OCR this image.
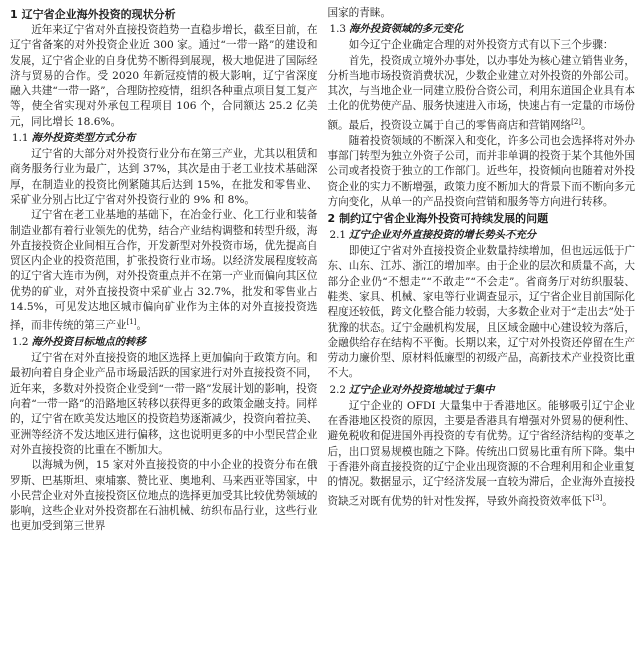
1 辽宁省企业海外投资的现状分析

近年来辽宁省对外直接投资趋势一直稳步增长，截至目前，在辽宁省备案的对外投资企业近 300 家。通过“一带一路”的建设和发展，辽宁省企业的自身优势不断得到展现，极大地促进了国际经济与贸易的合作。受 2020 年新冠疫情的极大影响，辽宁省深度融入共建“一带一路”，合理防控疫情，组织各种重点项目复工复产等，使全省实现对外承包工程项目 106 个，合同额达 25.2 亿美元，同比增长 18.6%。

1.1 海外投资类型方式分布

辽宁省的大部分对外投资行业分布在第三产业，尤其以租赁和商务服务行业为最广，达到 37%，其次是由于老工业技术基础深厚，在制造业的投资比例紧随其后达到 15%，在批发和零售业、采矿业分别占比辽宁省对外投资行业的 9% 和 8%。

辽宁省在老工业基地的基础下，在冶金行业、化工行业和装备制造业都有着行业领先的优势，结合产业结构调整和转型升级，海外直接投资企业间相互合作，开发新型对外投资市场，优先提高自贸区内企业的投资范围，扩张投资行业市场。以经济发展程度较高的辽宁省大连市为例，对外投资重点并不在第一产业而偏向其区位优势的矿业，对外直接投资中采矿业占 32.7%，批发和零售业占 14.5%，可见发达地区城市偏向矿业作为主体的对外直接投资选择，而非传统的第三产业[1]。

1.2 海外投资目标地点的转移

辽宁省在对外直接投资的地区选择上更加偏向于政策方向。和最初向着自身企业产品市场最活跃的国家进行对外直接投资不同，近年来，多数对外投资企业受到“一带一路”发展计划的影响，投资向着“一带一路”的沿路地区转移以获得更多的政策金融支持。同样的，辽宁省在欧美发达地区的投资趋势逐渐减少，投资向着拉美、亚洲等经济不发达地区进行偏移，这也说明更多的中小型民营企业对外直接投资的比重在不断加大。

以海城为例，15 家对外直接投资的中小企业的投资分布在俄罗斯、巴基斯坦、柬埔寨、赞比亚、奥地利、马来西亚等国家，中小民营企业对外直接投资区位地点的选择更加受其比较优势领域的影响，这些企业对外投资都在石油机械、纺织布品行业，这些行业也更加受到第三世界

国家的青睐。

1.3 海外投资领域的多元变化

如今辽宁企业确定合理的对外投资方式有以下三个步骤：

首先，投资成立境外办事处，以办事处为核心建立销售业务，分析当地市场投资消费状况，少数企业建立对外投资的外部公司。其次，与当地企业一同建立股份合资公司，利用东道国企业具有本土化的优势使产品、服务快速进入市场，快速占有一定量的市场份额。最后，投资设立属于自己的零售商店和营销网络[2]。

随着投资领域的不断深入和变化，许多公司也会选择将对外办事部门转型为独立外资子公司，而并非单调的投资于某个其他外国公司或者投资于独立的工作部门。近些年，投资倾向也随着对外投资企业的实力不断增强，政策力度不断加大的背景下而不断向多元方向变化，从单一的产品投资向营销和服务等方向进行转移。

2 制约辽宁省企业海外投资可持续发展的问题
2.1 辽宁企业对外直接投资的增长势头不充分

即使辽宁省对外直接投资企业数量持续增加，但也远远低于广东、山东、江苏、浙江的增加率。由于企业的层次和质量不高，大部分企业仍“不想走”“不敢走”“不会走”。省商务厅对纺织服装、鞋类、家具、机械、家电等行业调查显示，辽宁省企业目前国际化程度还较低，跨文化整合能力较弱，大多数企业对于“走出去”处于犹豫的状态。辽宁金融机构发展，且区域金融中心建设较为落后，金融供给存在结构不平衡。长期以来，辽宁对外投资还停留在生产劳动力廉价型、原材料低廉型的初级产品，高新技术产业投资比重不大。

2.2 辽宁企业对外投资地域过于集中

辽宁企业的 OFDI 大量集中于香港地区。能够吸引辽宁企业在香港地区投资的原因，主要是香港具有增强对外贸易的便利性、避免税收和促进国外再投资的专有优势。辽宁省经济结构的变革之后，出口贸易规模也随之下降。传统出口贸易比重有所下降。集中于香港外商直接投资的辽宁企业出现资源的不合理利用和企业重复的情况。数据显示，辽宁经济发展一直较为滞后，企业海外直接投资缺乏对既有优势的针对性发挥，导致外商投资效率低下[3]。
